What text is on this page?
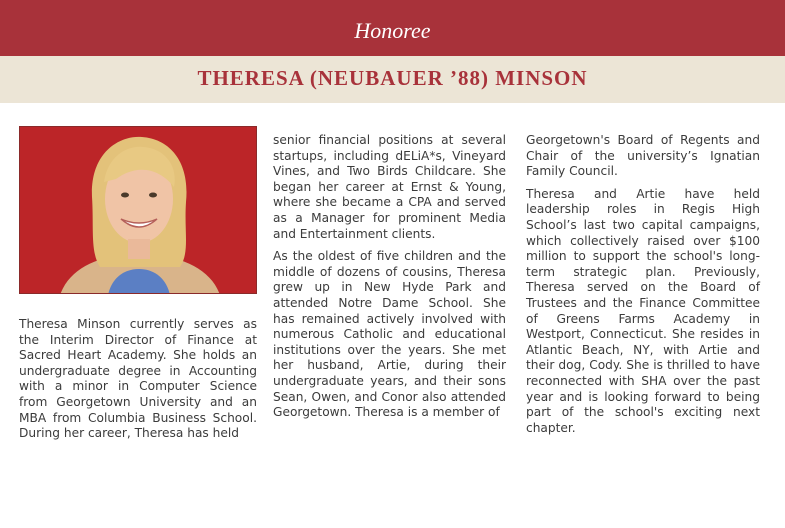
Honoree
THERESA (NEUBAUER ’88) MINSON

Theresa Minson currently serves as the Interim Director of Finance at Sacred Heart Academy. She holds an undergraduate degree in Accounting with a minor in Computer Science from Georgetown University and an MBA from Columbia Business School. During her career, Theresa has held

senior financial positions at several startups, including dELiA*s, Vineyard Vines, and Two Birds Childcare. She began her career at Ernst & Young, where she became a CPA and served as a Manager for prominent Media and Entertainment clients.

As the oldest of five children and the middle of dozens of cousins, Theresa grew up in New Hyde Park and attended Notre Dame School. She has remained actively involved with numerous Catholic and educational institutions over the years. She met her husband, Artie, during their undergraduate years, and their sons Sean, Owen, and Conor also attended Georgetown. Theresa is a member of

Georgetown's Board of Regents and Chair of the university’s Ignatian Family Council.

Theresa and Artie have held leadership roles in Regis High School’s last two capital campaigns, which collectively raised over $100 million to support the school's long-term strategic plan. Previously, Theresa served on the Board of Trustees and the Finance Committee of Greens Farms Academy in Westport, Connecticut. She resides in Atlantic Beach, NY, with Artie and their dog, Cody. She is thrilled to have reconnected with SHA over the past year and is looking forward to being part of the school's exciting next chapter.
